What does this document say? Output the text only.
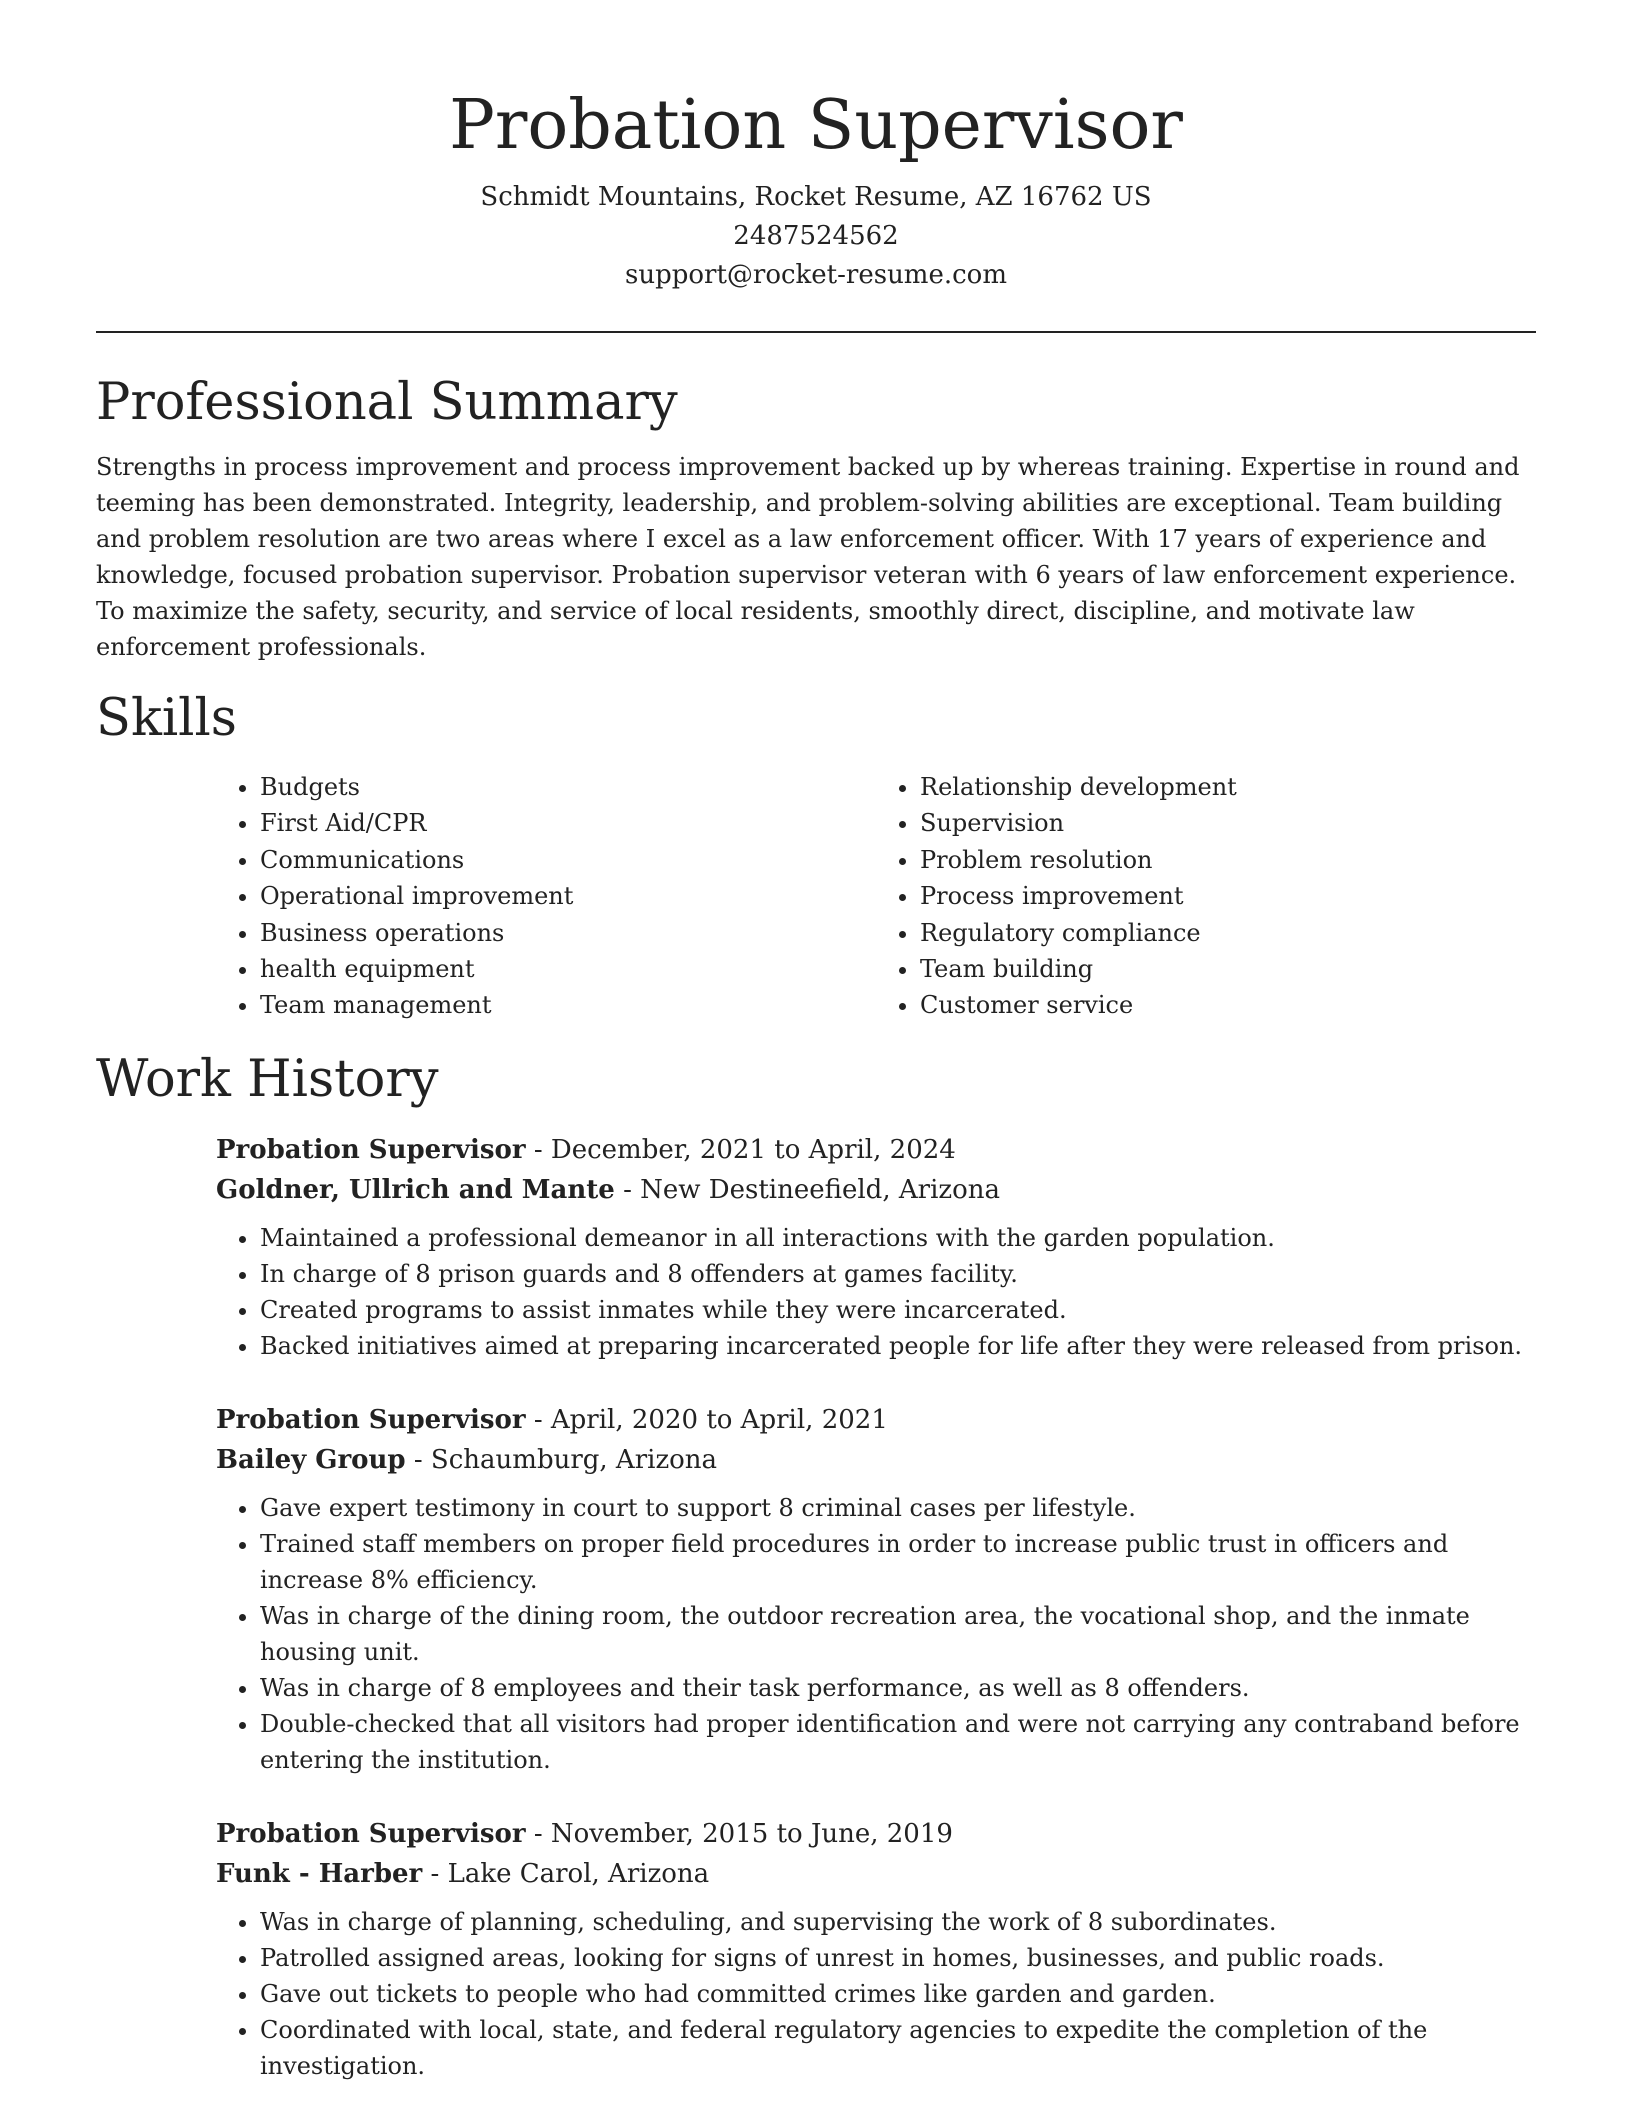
Probation Supervisor
Schmidt Mountains, Rocket Resume, AZ 16762 US
2487524562
support@rocket-resume.com
Professional Summary

Strengths in process improvement and process improvement backed up by whereas training. Expertise in round and teeming has been demonstrated. Integrity, leadership, and problem-solving abilities are exceptional. Team building and problem resolution are two areas where I excel as a law enforcement officer. With 17 years of experience and knowledge, focused probation supervisor. Probation supervisor veteran with 6 years of law enforcement experience. To maximize the safety, security, and service of local residents, smoothly direct, discipline, and motivate law enforcement professionals.

Skills
• Budgets
• First Aid/CPR
• Communications
• Operational improvement
• Business operations
• health equipment
• Team management
• Relationship development
• Supervision
• Problem resolution
• Process improvement
• Regulatory compliance
• Team building
• Customer service
Work History
Probation Supervisor - December, 2021 to April, 2024
Goldner, Ullrich and Mante - New Destineefield, Arizona
• Maintained a professional demeanor in all interactions with the garden population.
• In charge of 8 prison guards and 8 offenders at games facility.
• Created programs to assist inmates while they were incarcerated.
• Backed initiatives aimed at preparing incarcerated people for life after they were released from prison.
Probation Supervisor - April, 2020 to April, 2021
Bailey Group - Schaumburg, Arizona
• Gave expert testimony in court to support 8 criminal cases per lifestyle.
• Trained staff members on proper field procedures in order to increase public trust in officers and increase 8% efficiency.
• Was in charge of the dining room, the outdoor recreation area, the vocational shop, and the inmate housing unit.
• Was in charge of 8 employees and their task performance, as well as 8 offenders.
• Double-checked that all visitors had proper identification and were not carrying any contraband before entering the institution.
Probation Supervisor - November, 2015 to June, 2019
Funk - Harber - Lake Carol, Arizona
• Was in charge of planning, scheduling, and supervising the work of 8 subordinates.
• Patrolled assigned areas, looking for signs of unrest in homes, businesses, and public roads.
• Gave out tickets to people who had committed crimes like garden and garden.
• Coordinated with local, state, and federal regulatory agencies to expedite the completion of the investigation.
